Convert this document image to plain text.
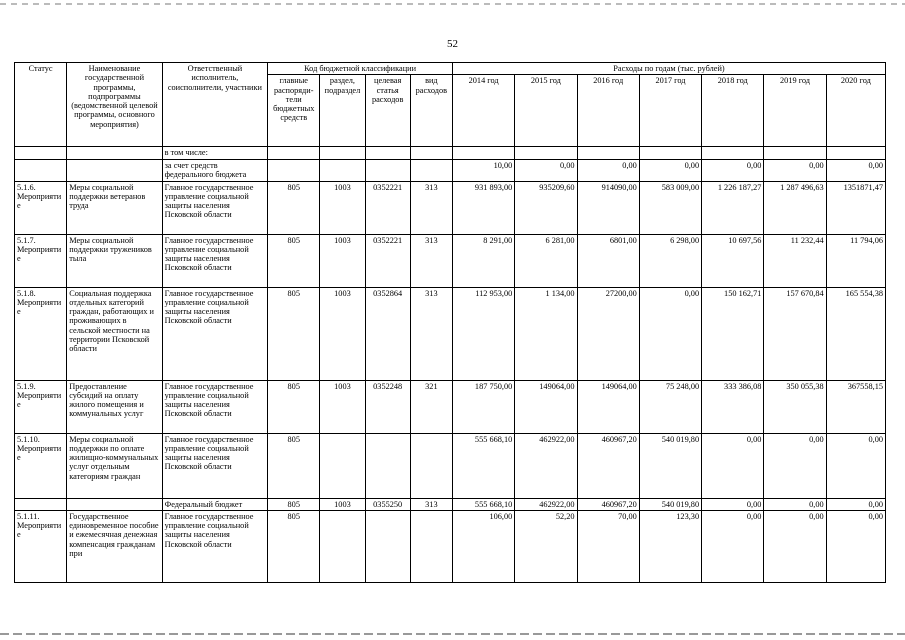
52
Статус	Наименование государственной программы, подпрограммы (ведомственной целевой программы, основного мероприятия)	Ответственный исполнитель, соисполнители, участники	Код бюджетной классификации				Расходы по годам (тыс. рублей)						
			главные распоряди-тели бюджетных средств	раздел, подраздел	целевая статья расходов	вид расходов	2014 год	2015 год	2016 год	2017 год	2018 год	2019 год	2020 год
		в том числе:											
		за счет средств федерального бюджета					10,00	0,00	0,00	0,00	0,00	0,00	0,00
5.1.6. Мероприятие	Меры социальной поддержки ветеранов труда	Главное государственное управление социальной защиты населения Псковской области	805	1003	0352221	313	931 893,00	935209,60	914090,00	583 009,00	1 226 187,27	1 287 496,63	1351871,47
5.1.7. Мероприятие	Меры социальной поддержки тружеников тыла	Главное государственное управление социальной защиты населения Псковской области	805	1003	0352221	313	8 291,00	6 281,00	6801,00	6 298,00	10 697,56	11 232,44	11 794,06
5.1.8. Мероприятие	Социальная поддержка отдельных категорий граждан, работающих и проживающих в сельской местности на территории Псковской области	Главное государственное управление социальной защиты населения Псковской области	805	1003	0352864	313	112 953,00	1 134,00	27200,00	0,00	150 162,71	157 670,84	165 554,38
5.1.9. Мероприятие	Предоставление субсидий на оплату жилого помещения и коммунальных услуг	Главное государственное управление социальной защиты населения Псковской области	805	1003	0352248	321	187 750,00	149064,00	149064,00	75 248,00	333 386,08	350 055,38	367558,15
5.1.10. Мероприятие	Меры социальной поддержки по оплате жилищно-коммунальных услуг отдельным категориям граждан	Главное государственное управление социальной защиты населения Псковской области	805				555 668,10	462922,00	460967,20	540 019,80	0,00	0,00	0,00
		Федеральный бюджет	805	1003	0355250	313	555 668,10	462922,00	460967,20	540 019,80	0,00	0,00	0,00
5.1.11. Мероприятие	Государственное единовременное пособие и ежемесячная денежная компенсация гражданам при	Главное государственное управление социальной защиты населения Псковской области	805				106,00	52,20	70,00	123,30	0,00	0,00	0,00
